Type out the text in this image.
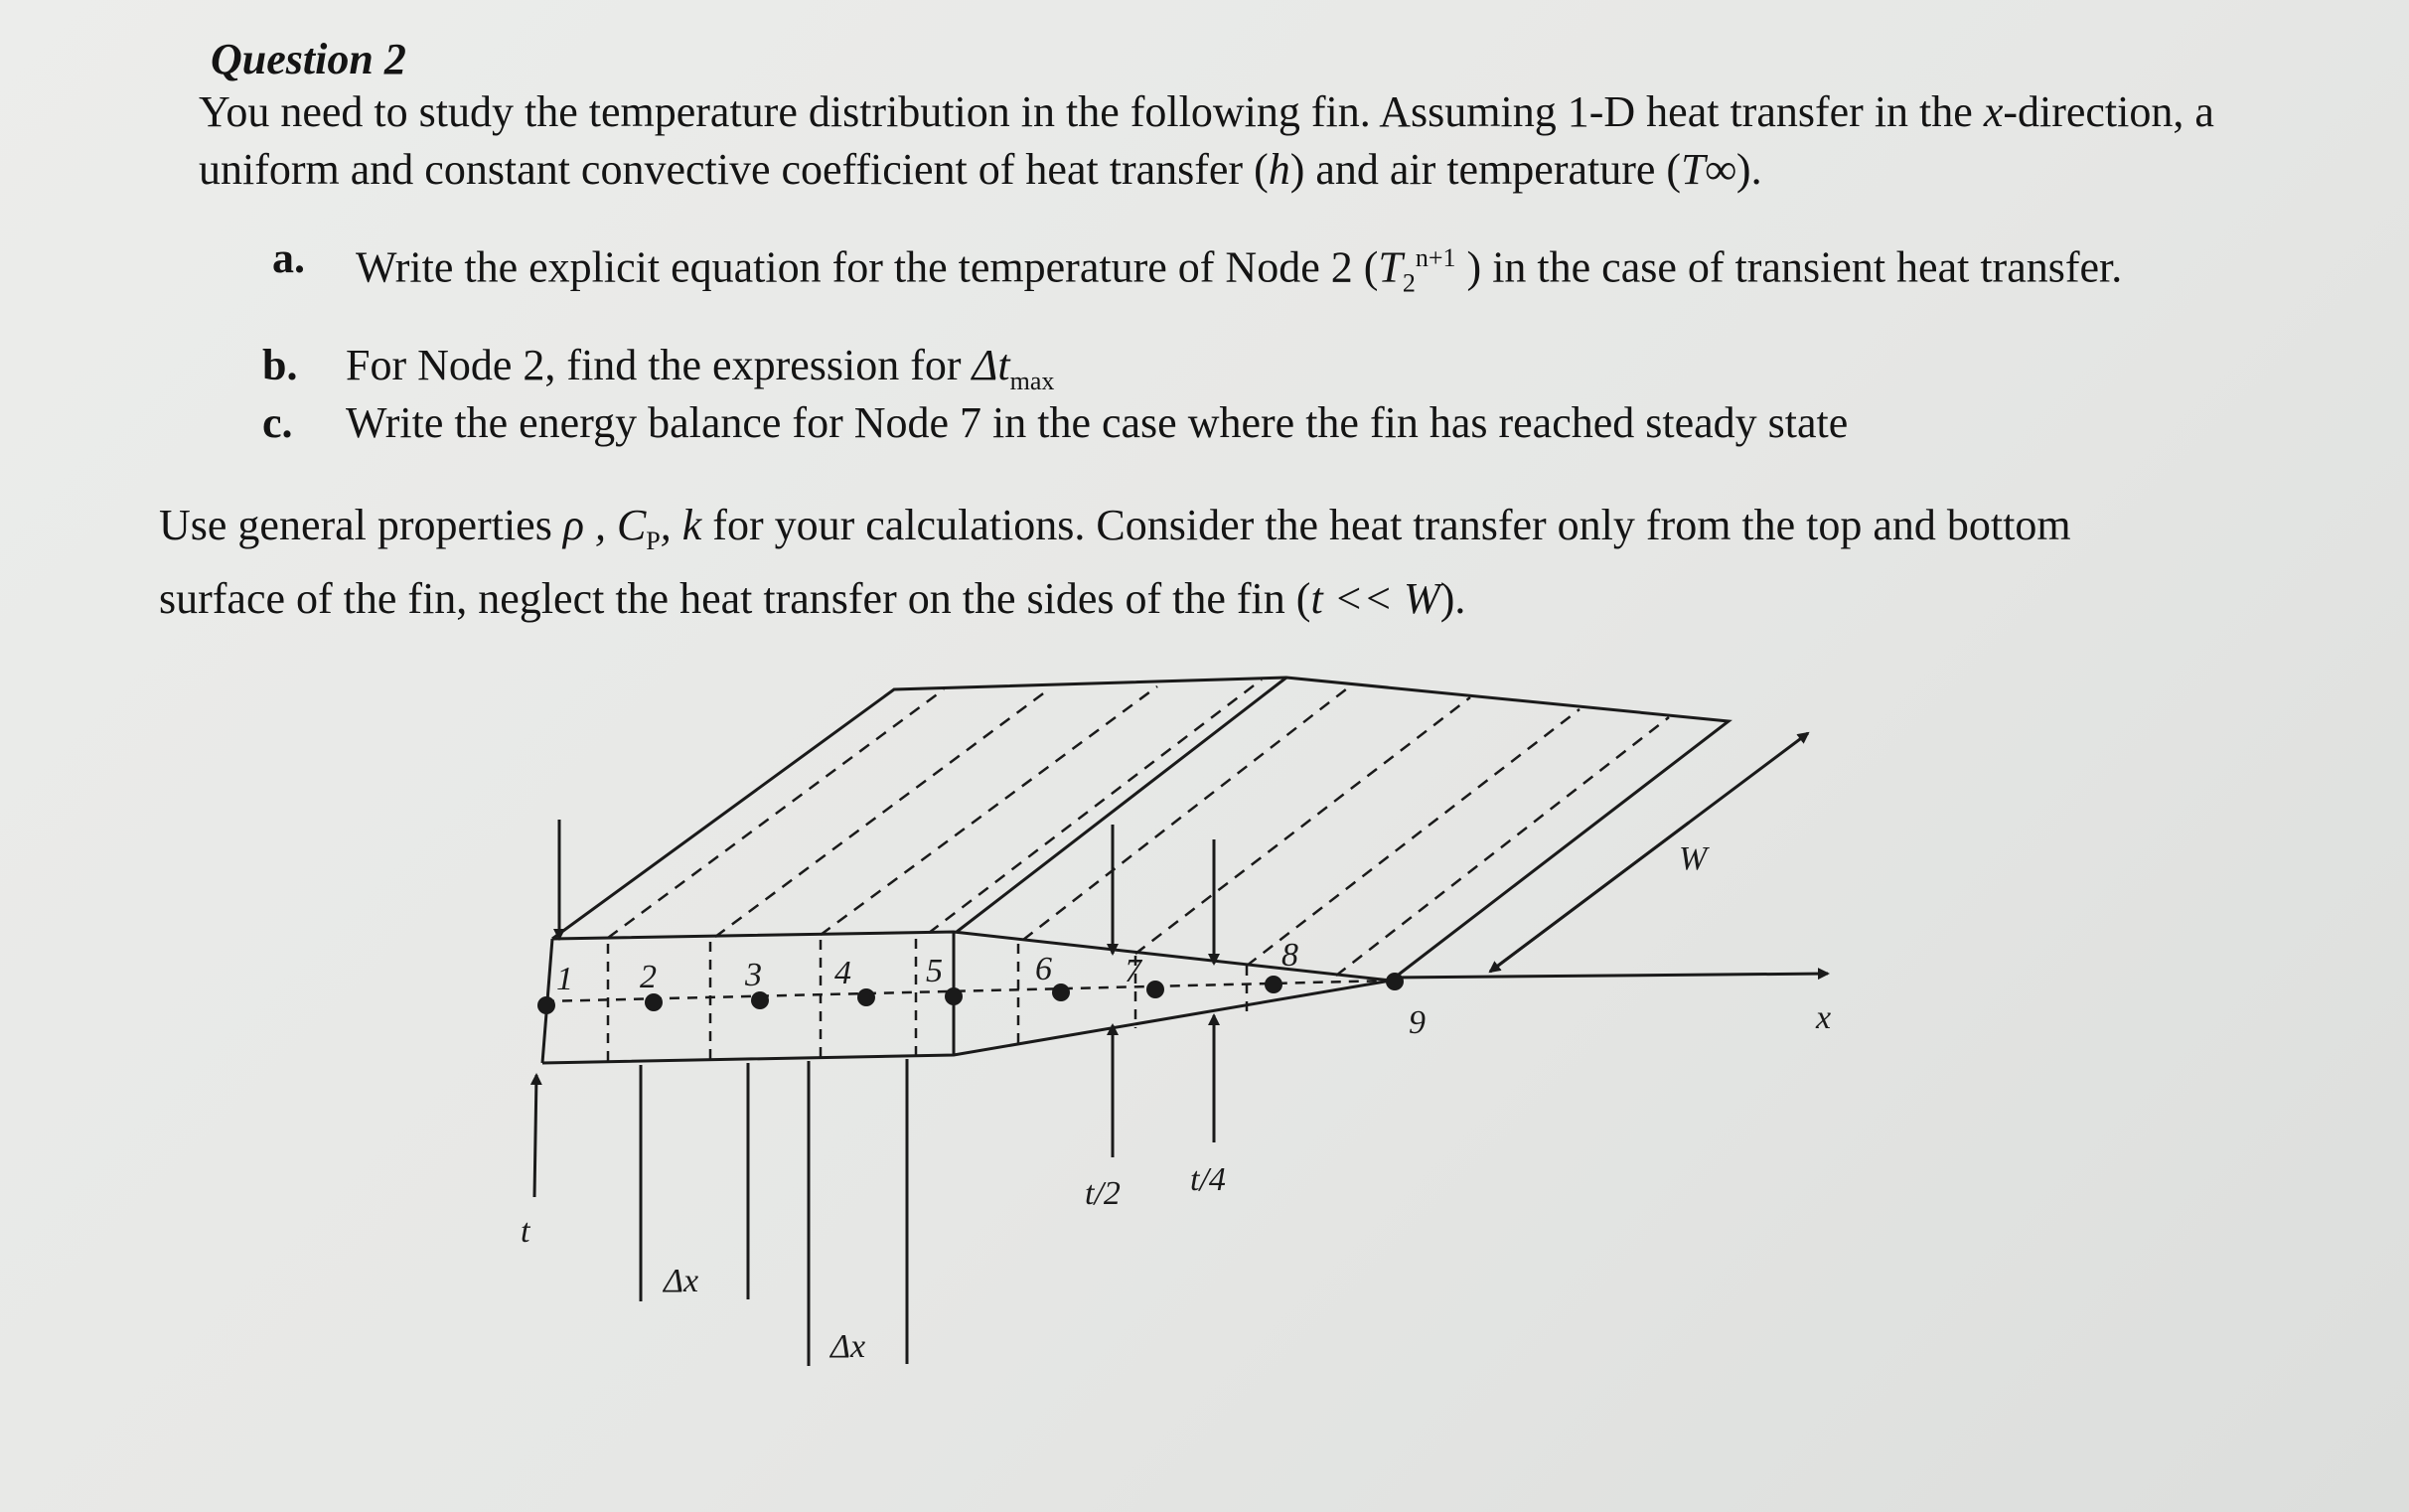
Question 2

You need to study the temperature distribution in the following fin. Assuming 1-D heat transfer in the x-direction, a uniform and constant convective coefficient of heat transfer (h) and air temperature (T∞).

a. Write the explicit equation for the temperature of Node 2 ($T_2^{n+1}$ ) in the case of transient heat transfer.
b. For Node 2, find the expression for $\Delta t_{max}$
c. Write the energy balance for Node 7 in the case where the fin has reached steady state

Use general properties ρ , $C_P$, k for your calculations. Consider the heat transfer only from the top and bottom surface of the fin, neglect the heat transfer on the sides of the fin (t << W).

1 2	3 4 5	6 7	8
9
t
Δx
Δx
t/2 t/4
W
x
